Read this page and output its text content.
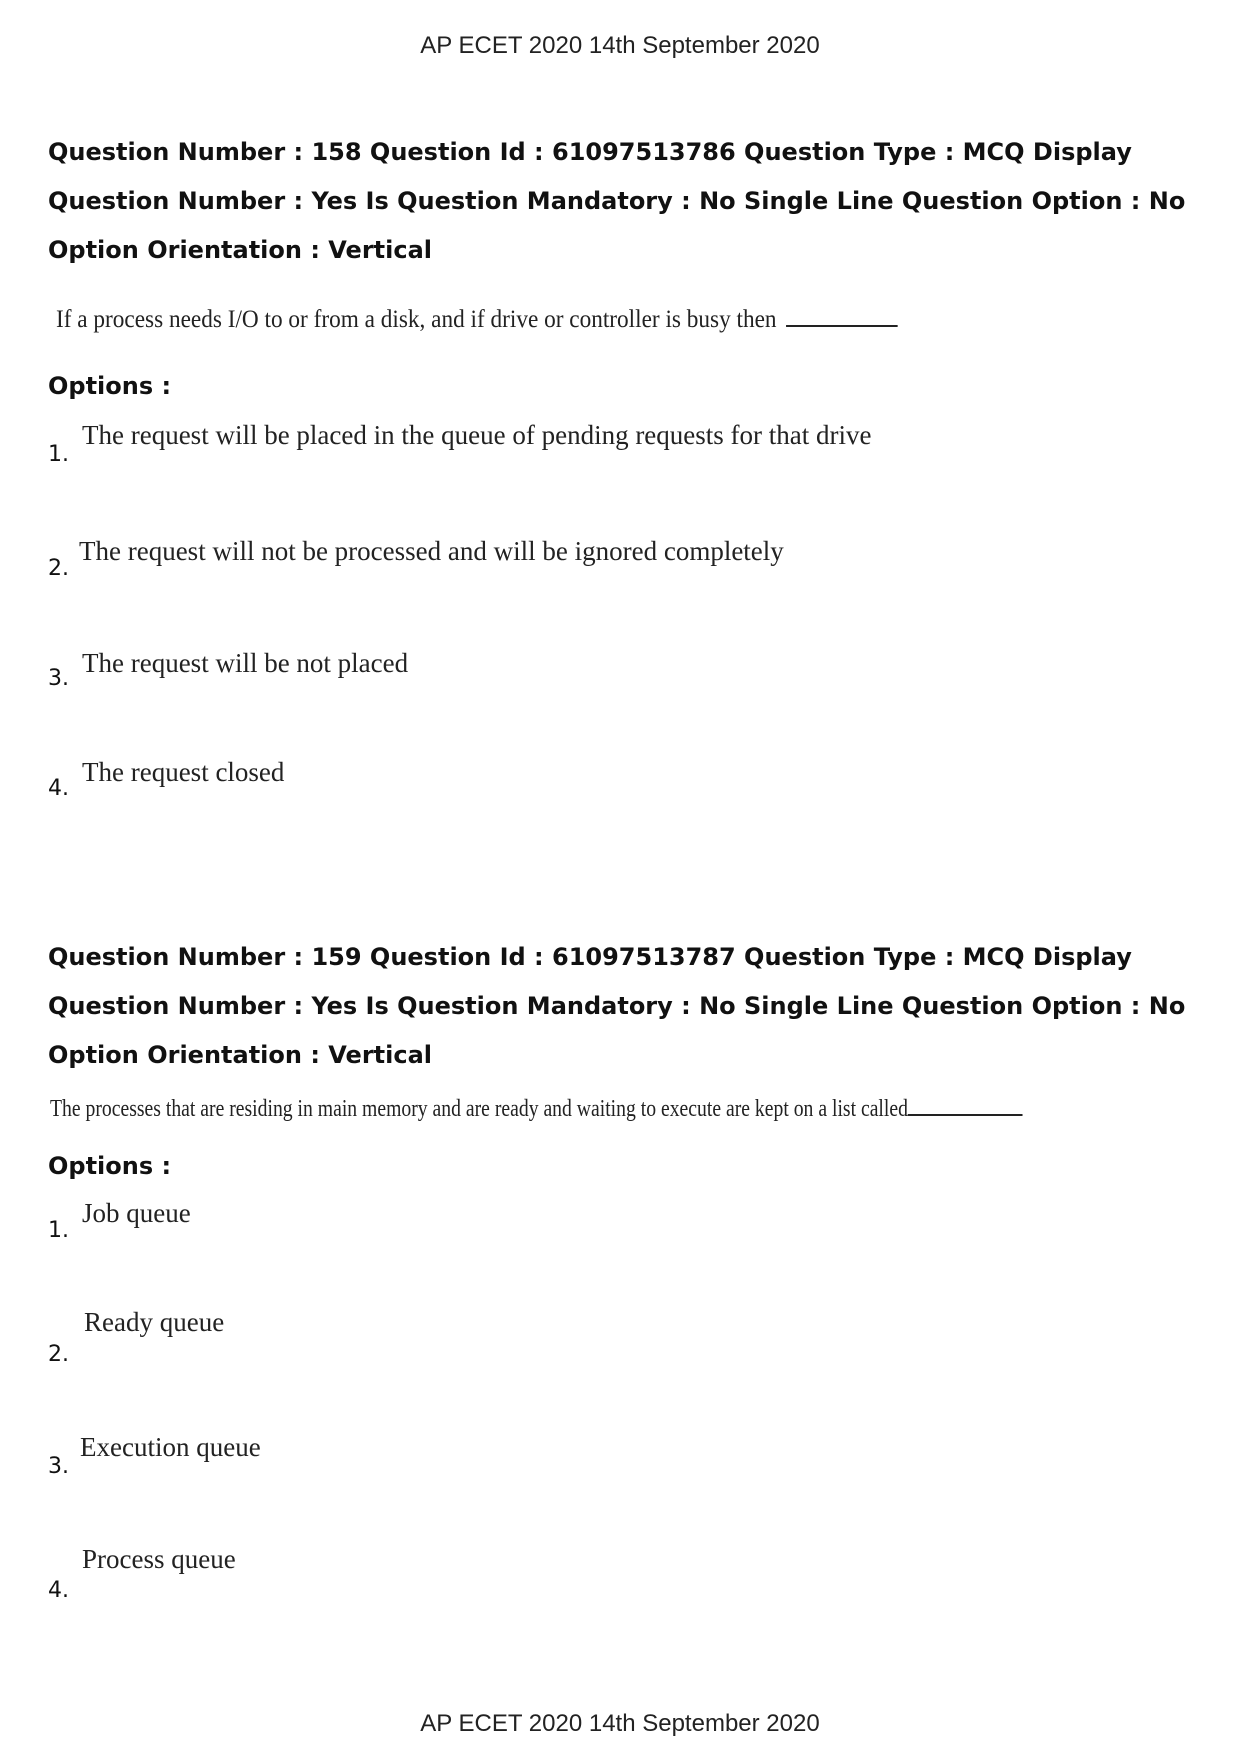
AP ECET 2020 14th September 2020
Question Number : 158 Question Id : 61097513786 Question Type : MCQ Display Question Number : Yes Is Question Mandatory : No Single Line Question Option : No Option Orientation : Vertical
If a process needs I/O to or from a disk, and if drive or controller is busy then
Options :
1.
The request will be placed in the queue of pending requests for that drive
2.
The request will not be processed and will be ignored completely
3.
The request will be not placed
4.
The request closed
Question Number : 159 Question Id : 61097513787 Question Type : MCQ Display Question Number : Yes Is Question Mandatory : No Single Line Question Option : No Option Orientation : Vertical
The processes that are residing in main memory and are ready and waiting to execute are kept on a list called
Options :
1.
Job queue
2.
Ready queue
3.
Execution queue
4.
Process queue
AP ECET 2020 14th September 2020
